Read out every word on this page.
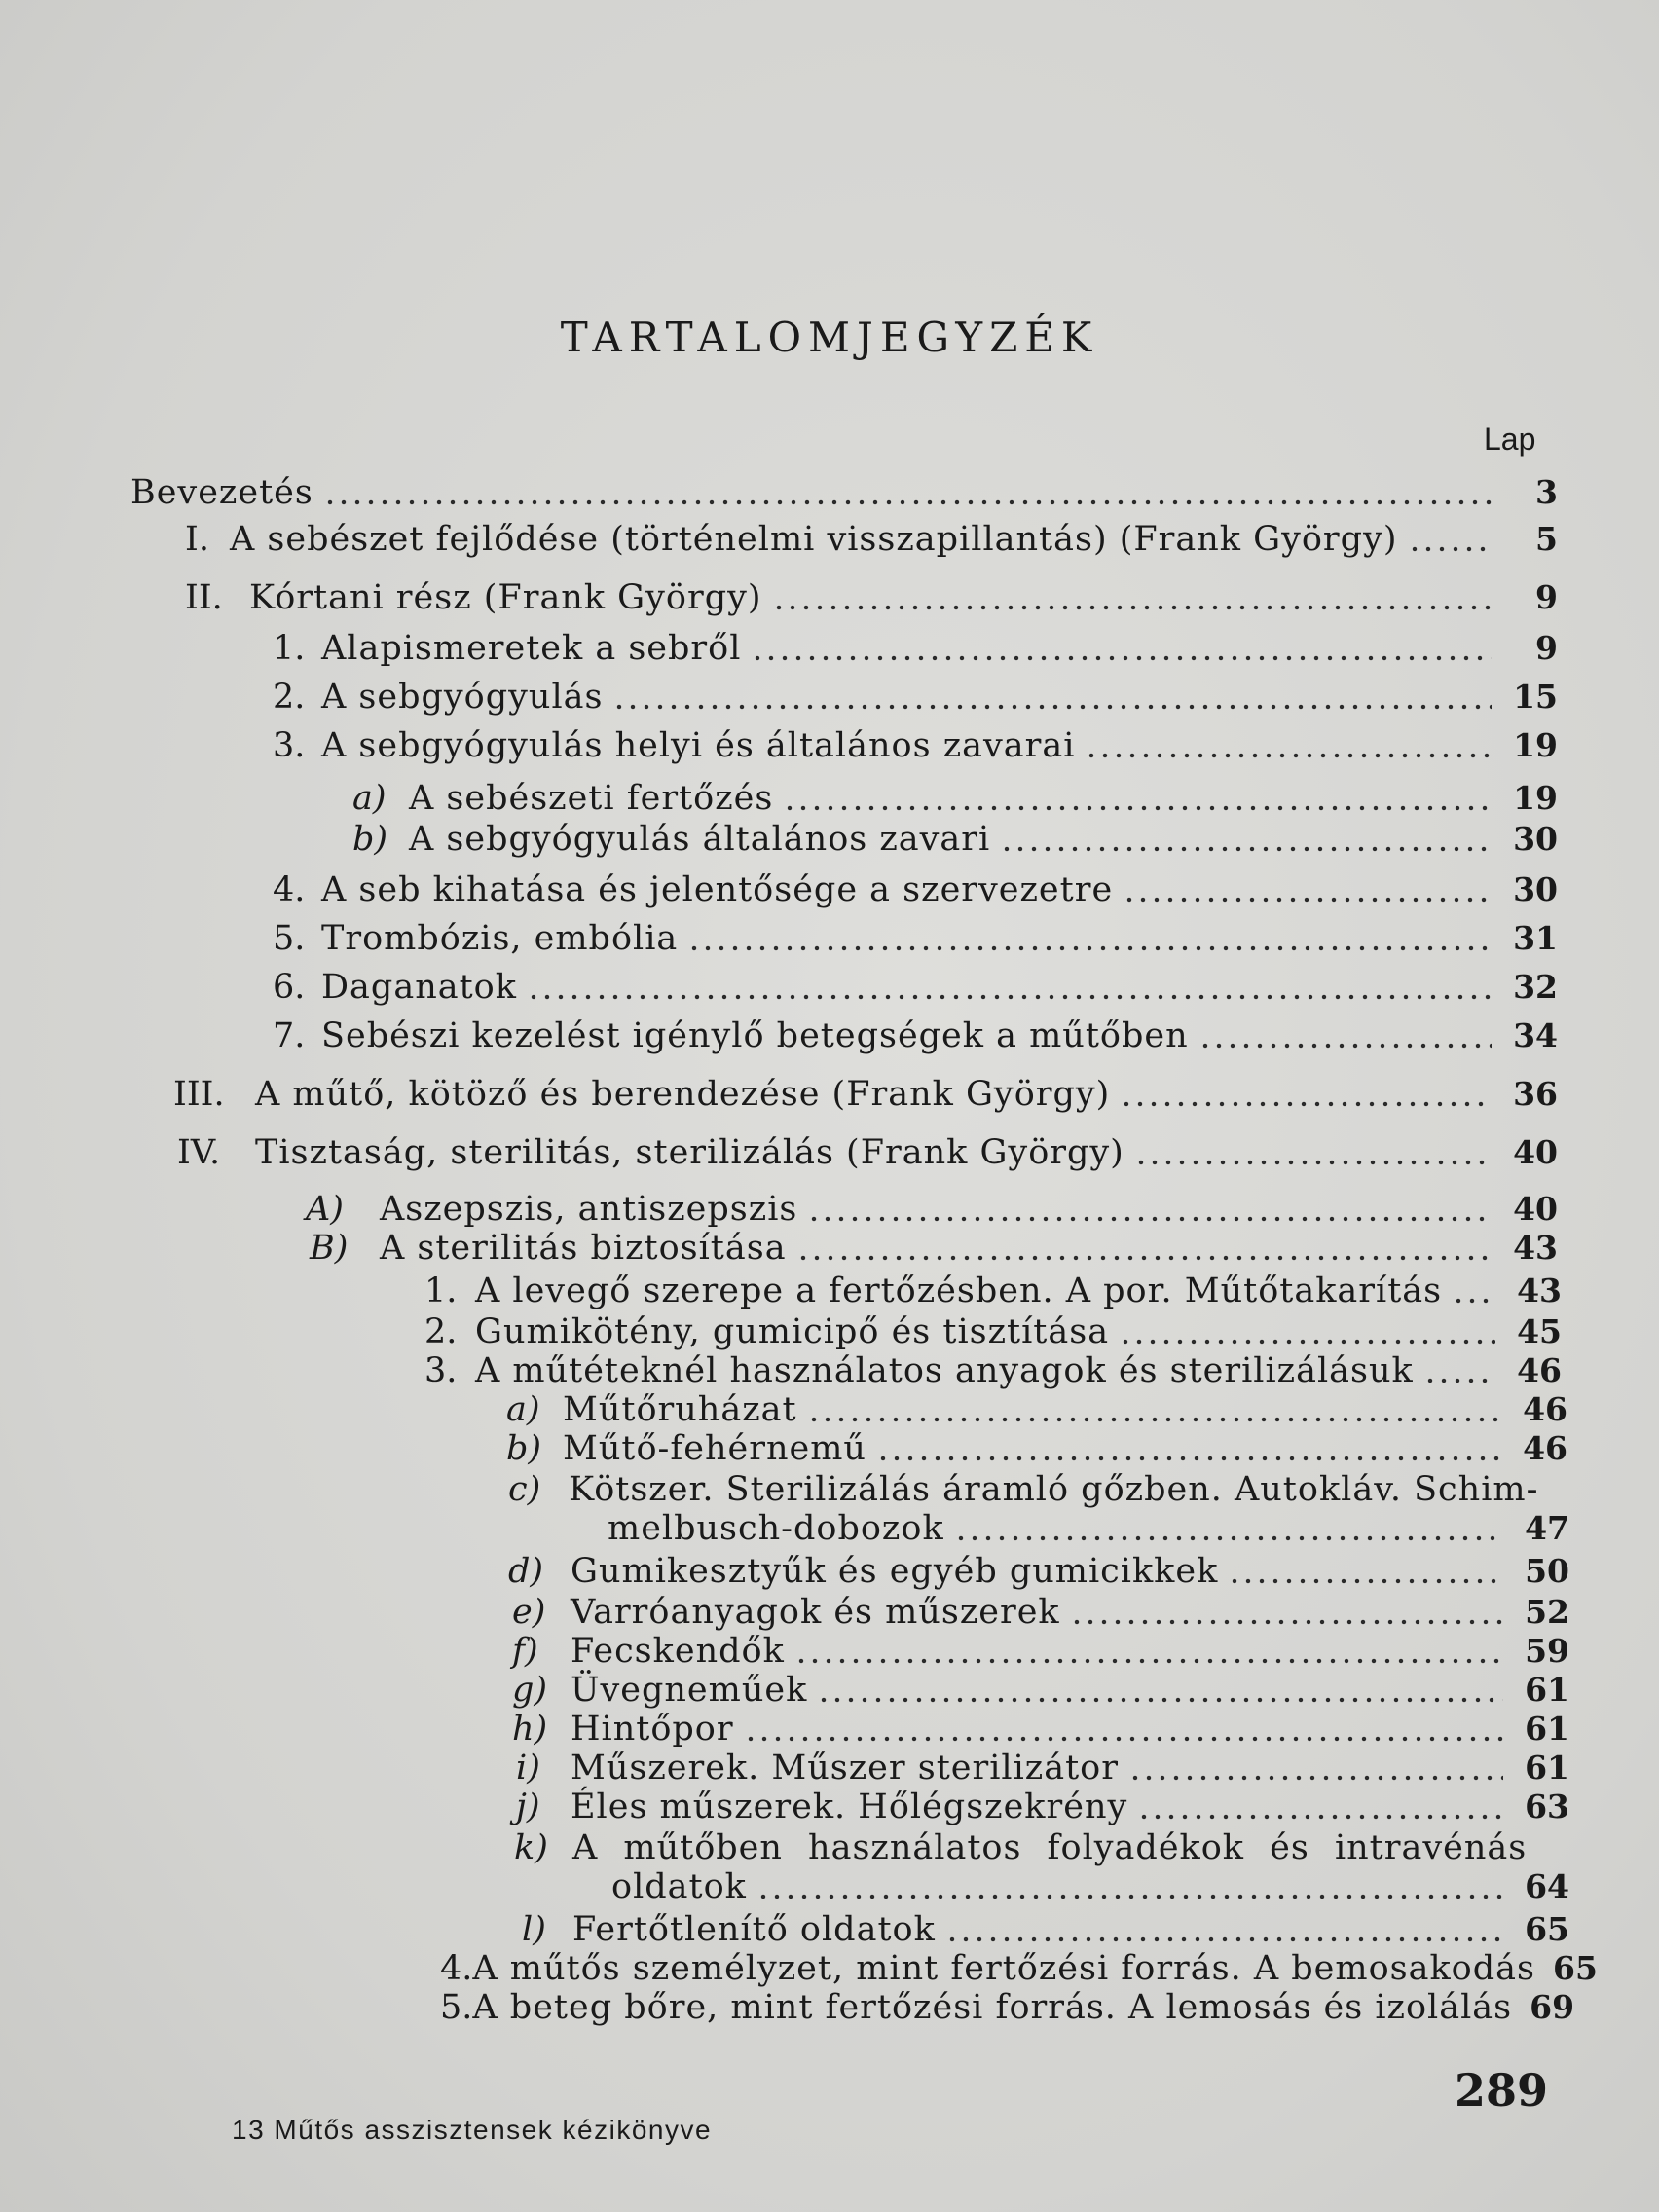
TARTALOMJEGYZÉK
Lap
Bevezetés	3
I. A sebészet fejlődése (történelmi visszapillantás) (Frank György)	5
II. Kórtani rész (Frank György)	9
1. Alapismeretek a sebről	9
2. A sebgyógyulás	15
3. A sebgyógyulás helyi és általános zavarai	19
a) A sebészeti fertőzés	19
b) A sebgyógyulás általános zavari	30
4. A seb kihatása és jelentősége a szervezetre	30
5. Trombózis, embólia	31
6. Daganatok	32
7. Sebészi kezelést igénylő betegségek a műtőben	34
III. A műtő, kötöző és berendezése (Frank György)	36
IV.	Tisztaság, sterilitás, sterilizálás (Frank György)	40
A)	Aszepszis, antiszepszis	40
B) A sterilitás biztosítása	43
1. A levegő szerepe a fertőzésben. A por. Műtőtakarítás	43
2. Gumikötény, gumicipő és tisztítása	45
3. A műtéteknél használatos anyagok és sterilizálásuk	46
a) Műtőruházat	46
b) Műtő-fehérnemű	46
c) Kötszer. Sterilizálás áramló gőzben. Autokláv. Schim-
melbusch-dobozok	47
d) Gumikesztyűk és egyéb gumicikkek	50
e) Varróanyagok és műszerek	52
f) Fecskendők	59
g) Üvegneműek	61
h) Hintőpor	61
i) Műszerek. Műszer sterilizátor	61
j) Éles műszerek. Hőlégszekrény	63
k) A műtőben használatos folyadékok és intravénás
oldatok	64
l) Fertőtlenítő oldatok	65
4. A műtős személyzet, mint fertőzési forrás. A bemosakodás 65
5. A beteg bőre, mint fertőzési forrás. A lemosás és izolálás 69
289
13 Műtős asszisztensek kézikönyve
